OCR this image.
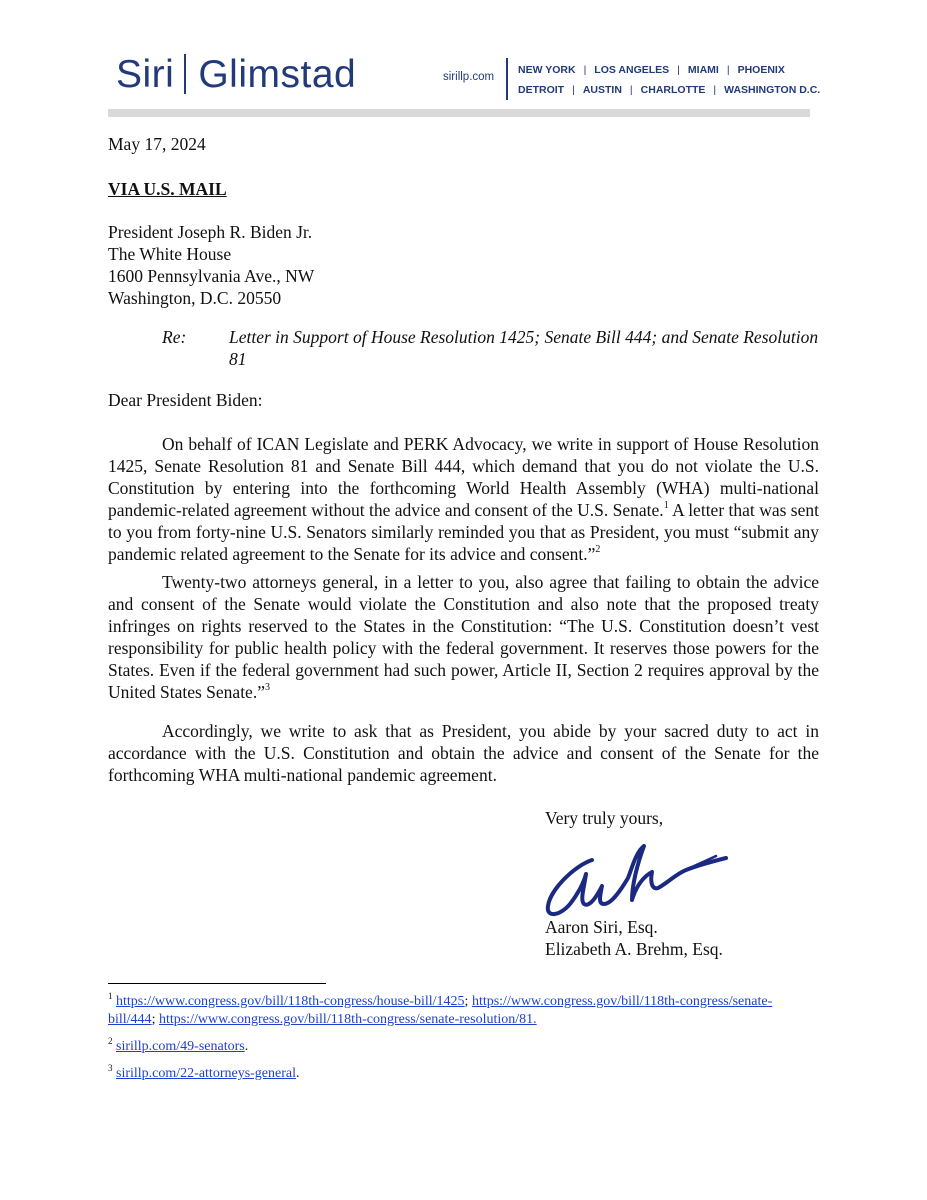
Siri Glimstad	sirillp.com
NEW YORK | LOS ANGELES | MIAMI | PHOENIX
DETROIT | AUSTIN | CHARLOTTE | WASHINGTON D.C.
May 17, 2024
VIA U.S. MAIL
President Joseph R. Biden Jr.
The White House
1600 Pennsylvania Ave., NW
Washington, D.C. 20550
Re: Letter in Support of House Resolution 1425; Senate Bill 444; and Senate Resolution 81
Dear President Biden:
On behalf of ICAN Legislate and PERK Advocacy, we write in support of House Resolution 1425, Senate Resolution 81 and Senate Bill 444, which demand that you do not violate the U.S. Constitution by entering into the forthcoming World Health Assembly (WHA) multi-national pandemic-related agreement without the advice and consent of the U.S. Senate.$^1$ A letter that was sent to you from forty-nine U.S. Senators similarly reminded you that as President, you must “submit any pandemic related agreement to the Senate for its advice and consent.”$^2$
Twenty-two attorneys general, in a letter to you, also agree that failing to obtain the advice and consent of the Senate would violate the Constitution and also note that the proposed treaty infringes on rights reserved to the States in the Constitution: “The U.S. Constitution doesn’t vest responsibility for public health policy with the federal government. It reserves those powers for the States. Even if the federal government had such power, Article II, Section 2 requires approval by the United States Senate.”$^3$
Accordingly, we write to ask that as President, you abide by your sacred duty to act in accordance with the U.S. Constitution and obtain the advice and consent of the Senate for the forthcoming WHA multi-national pandemic agreement.
Very truly yours,
Aaron Siri, Esq.
Elizabeth A. Brehm, Esq.
$^1$ https://www.congress.gov/bill/118th-congress/house-bill/1425; https://www.congress.gov/bill/118th-congress/senate-bill/444; https://www.congress.gov/bill/118th-congress/senate-resolution/81.
$^2$ sirillp.com/49-senators.
$^3$ sirillp.com/22-attorneys-general.
